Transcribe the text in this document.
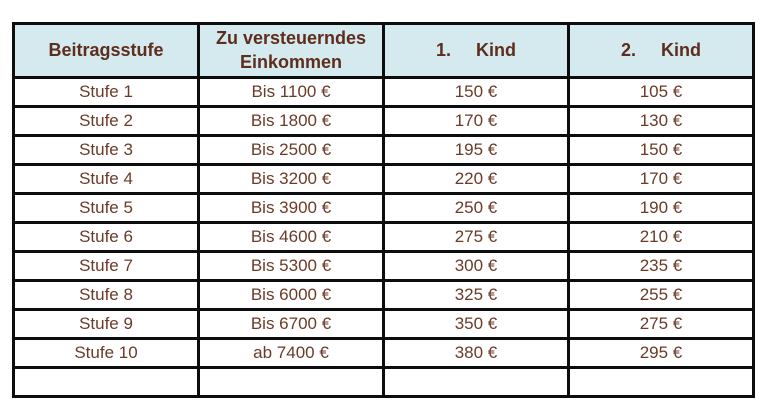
Beitragsstufe	Zu versteuerndes Einkommen	1.     Kind	2.     Kind
Stufe 1	Bis 1100 €	150 €	105 €
Stufe 2	Bis 1800 €	170 €	130 €
Stufe 3	Bis 2500 €	195 €	150 €
Stufe 4	Bis 3200 €	220 €	170 €
Stufe 5	Bis 3900 €	250 €	190 €
Stufe 6	Bis 4600 €	275 €	210 €
Stufe 7	Bis 5300 €	300 €	235 €
Stufe 8	Bis 6000 €	325 €	255 €
Stufe 9	Bis 6700 €	350 €	275 €
Stufe 10	ab 7400 €	380 €	295 €
